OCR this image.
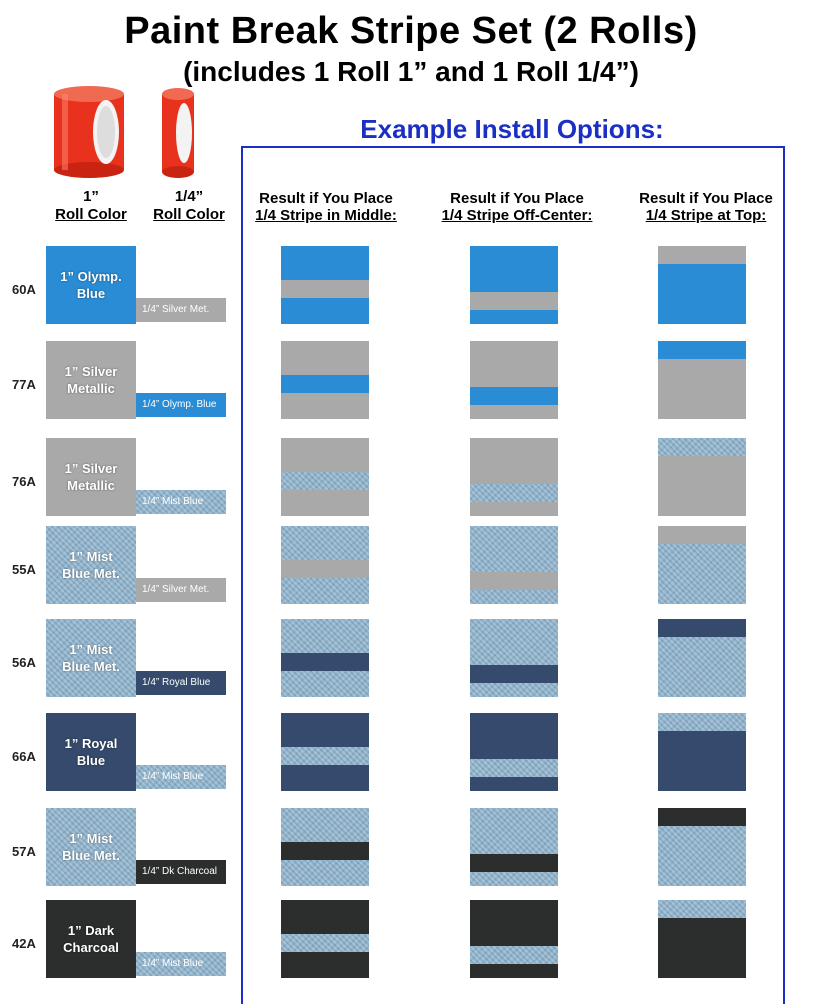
Paint Break Stripe Set (2 Rolls)
(includes 1 Roll 1” and 1 Roll 1/4”)
1”
Roll Color
1/4”
Roll Color
Example Install Options:
Result if You Place
1/4 Stripe in Middle:
Result if You Place
1/4 Stripe Off-Center:
Result if You Place
1/4 Stripe at Top:
60A
1” Olymp.
Blue
1/4” Silver Met.
77A
1” Silver
Metallic
1/4” Olymp. Blue
76A
1” Silver
Metallic
1/4” Mist Blue
55A
1” Mist
Blue Met.
1/4” Silver Met.
56A
1” Mist
Blue Met.
1/4” Royal Blue
66A
1” Royal
Blue
1/4” Mist Blue
57A
1” Mist
Blue Met.
1/4” Dk Charcoal
42A
1” Dark
Charcoal
1/4” Mist Blue
